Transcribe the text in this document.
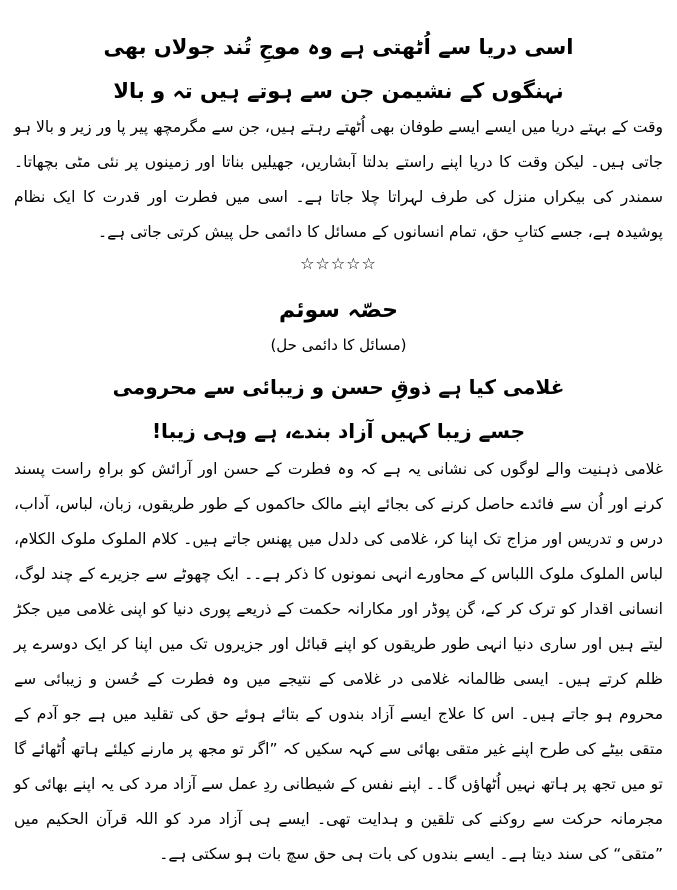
اسی دریا سے اُٹھتی ہے وہ موجِ تُند جولاں بھی

نہنگوں کے نشیمن جن سے ہوتے ہیں تہ و بالا

وقت کے بہتے دریا میں ایسے ایسے طوفان بھی اُٹھتے رہتے ہیں، جن سے مگرمچھ پیر پا ور زیر و بالا ہو جاتی ہیں۔ لیکن وقت کا دریا اپنے راستے بدلتا آبشاریں، جھیلیں بناتا اور زمینوں پر نئی مٹی بچھاتا۔ سمندر کی بیکراں منزل کی طرف لہراتا چلا جاتا ہے۔ اسی میں فطرت اور قدرت کا ایک نظام پوشیدہ ہے، جسے کتابِ حق، تمام انسانوں کے مسائل کا دائمی حل پیش کرتی جاتی ہے۔

☆☆☆☆☆
حصّہ سوئم
(مسائل کا دائمی حل)

غلامی کیا ہے ذوقِ حسن و زیبائی سے محرومی

جسے زیبا کہیں آزاد بندے، ہے وہی زیبا!

غلامی ذہنیت والے لوگوں کی نشانی یہ ہے کہ وہ فطرت کے حسن اور آرائش کو براہِ راست پسند کرنے اور اُن سے فائدے حاصل کرنے کی بجائے اپنے مالک حاکموں کے طور طریقوں، زبان، لباس، آداب، درس و تدریس اور مزاج تک اپنا کر، غلامی کی دلدل میں پھنس جاتے ہیں۔ کلام الملوک ملوک الکلام، لباس الملوک ملوک اللباس کے محاورے انہی نمونوں کا ذکر ہے۔۔ ایک چھوٹے سے جزیرے کے چند لوگ، انسانی اقدار کو ترک کر کے، گن پوڈر اور مکارانہ حکمت کے ذریعے پوری دنیا کو اپنی غلامی میں جکڑ لیتے ہیں اور ساری دنیا انہی طور طریقوں کو اپنے قبائل اور جزیروں تک میں اپنا کر ایک دوسرے پر ظلم کرتے ہیں۔ ایسی ظالمانہ غلامی در غلامی کے نتیجے میں وہ فطرت کے حُسن و زیبائی سے محروم ہو جاتے ہیں۔ اس کا علاج ایسے آزاد بندوں کے بتائے ہوئے حق کی تقلید میں ہے جو آدم کے متقی بیٹے کی طرح اپنے غیر متقی بھائی سے کہہ سکیں کہ ”اگر تو مجھ پر مارنے کیلئے ہاتھ اُٹھائے گا تو میں تجھ پر ہاتھ نہیں اُٹھاؤں گا۔۔ اپنے نفس کے شیطانی ردِ عمل سے آزاد مرد کی یہ اپنے بھائی کو مجرمانہ حرکت سے روکنے کی تلقین و ہدایت تھی۔ ایسے ہی آزاد مرد کو اللہ قرآن الحکیم میں ”متقی“ کی سند دیتا ہے۔ ایسے بندوں کی بات ہی حق سچ بات ہو سکتی ہے۔
